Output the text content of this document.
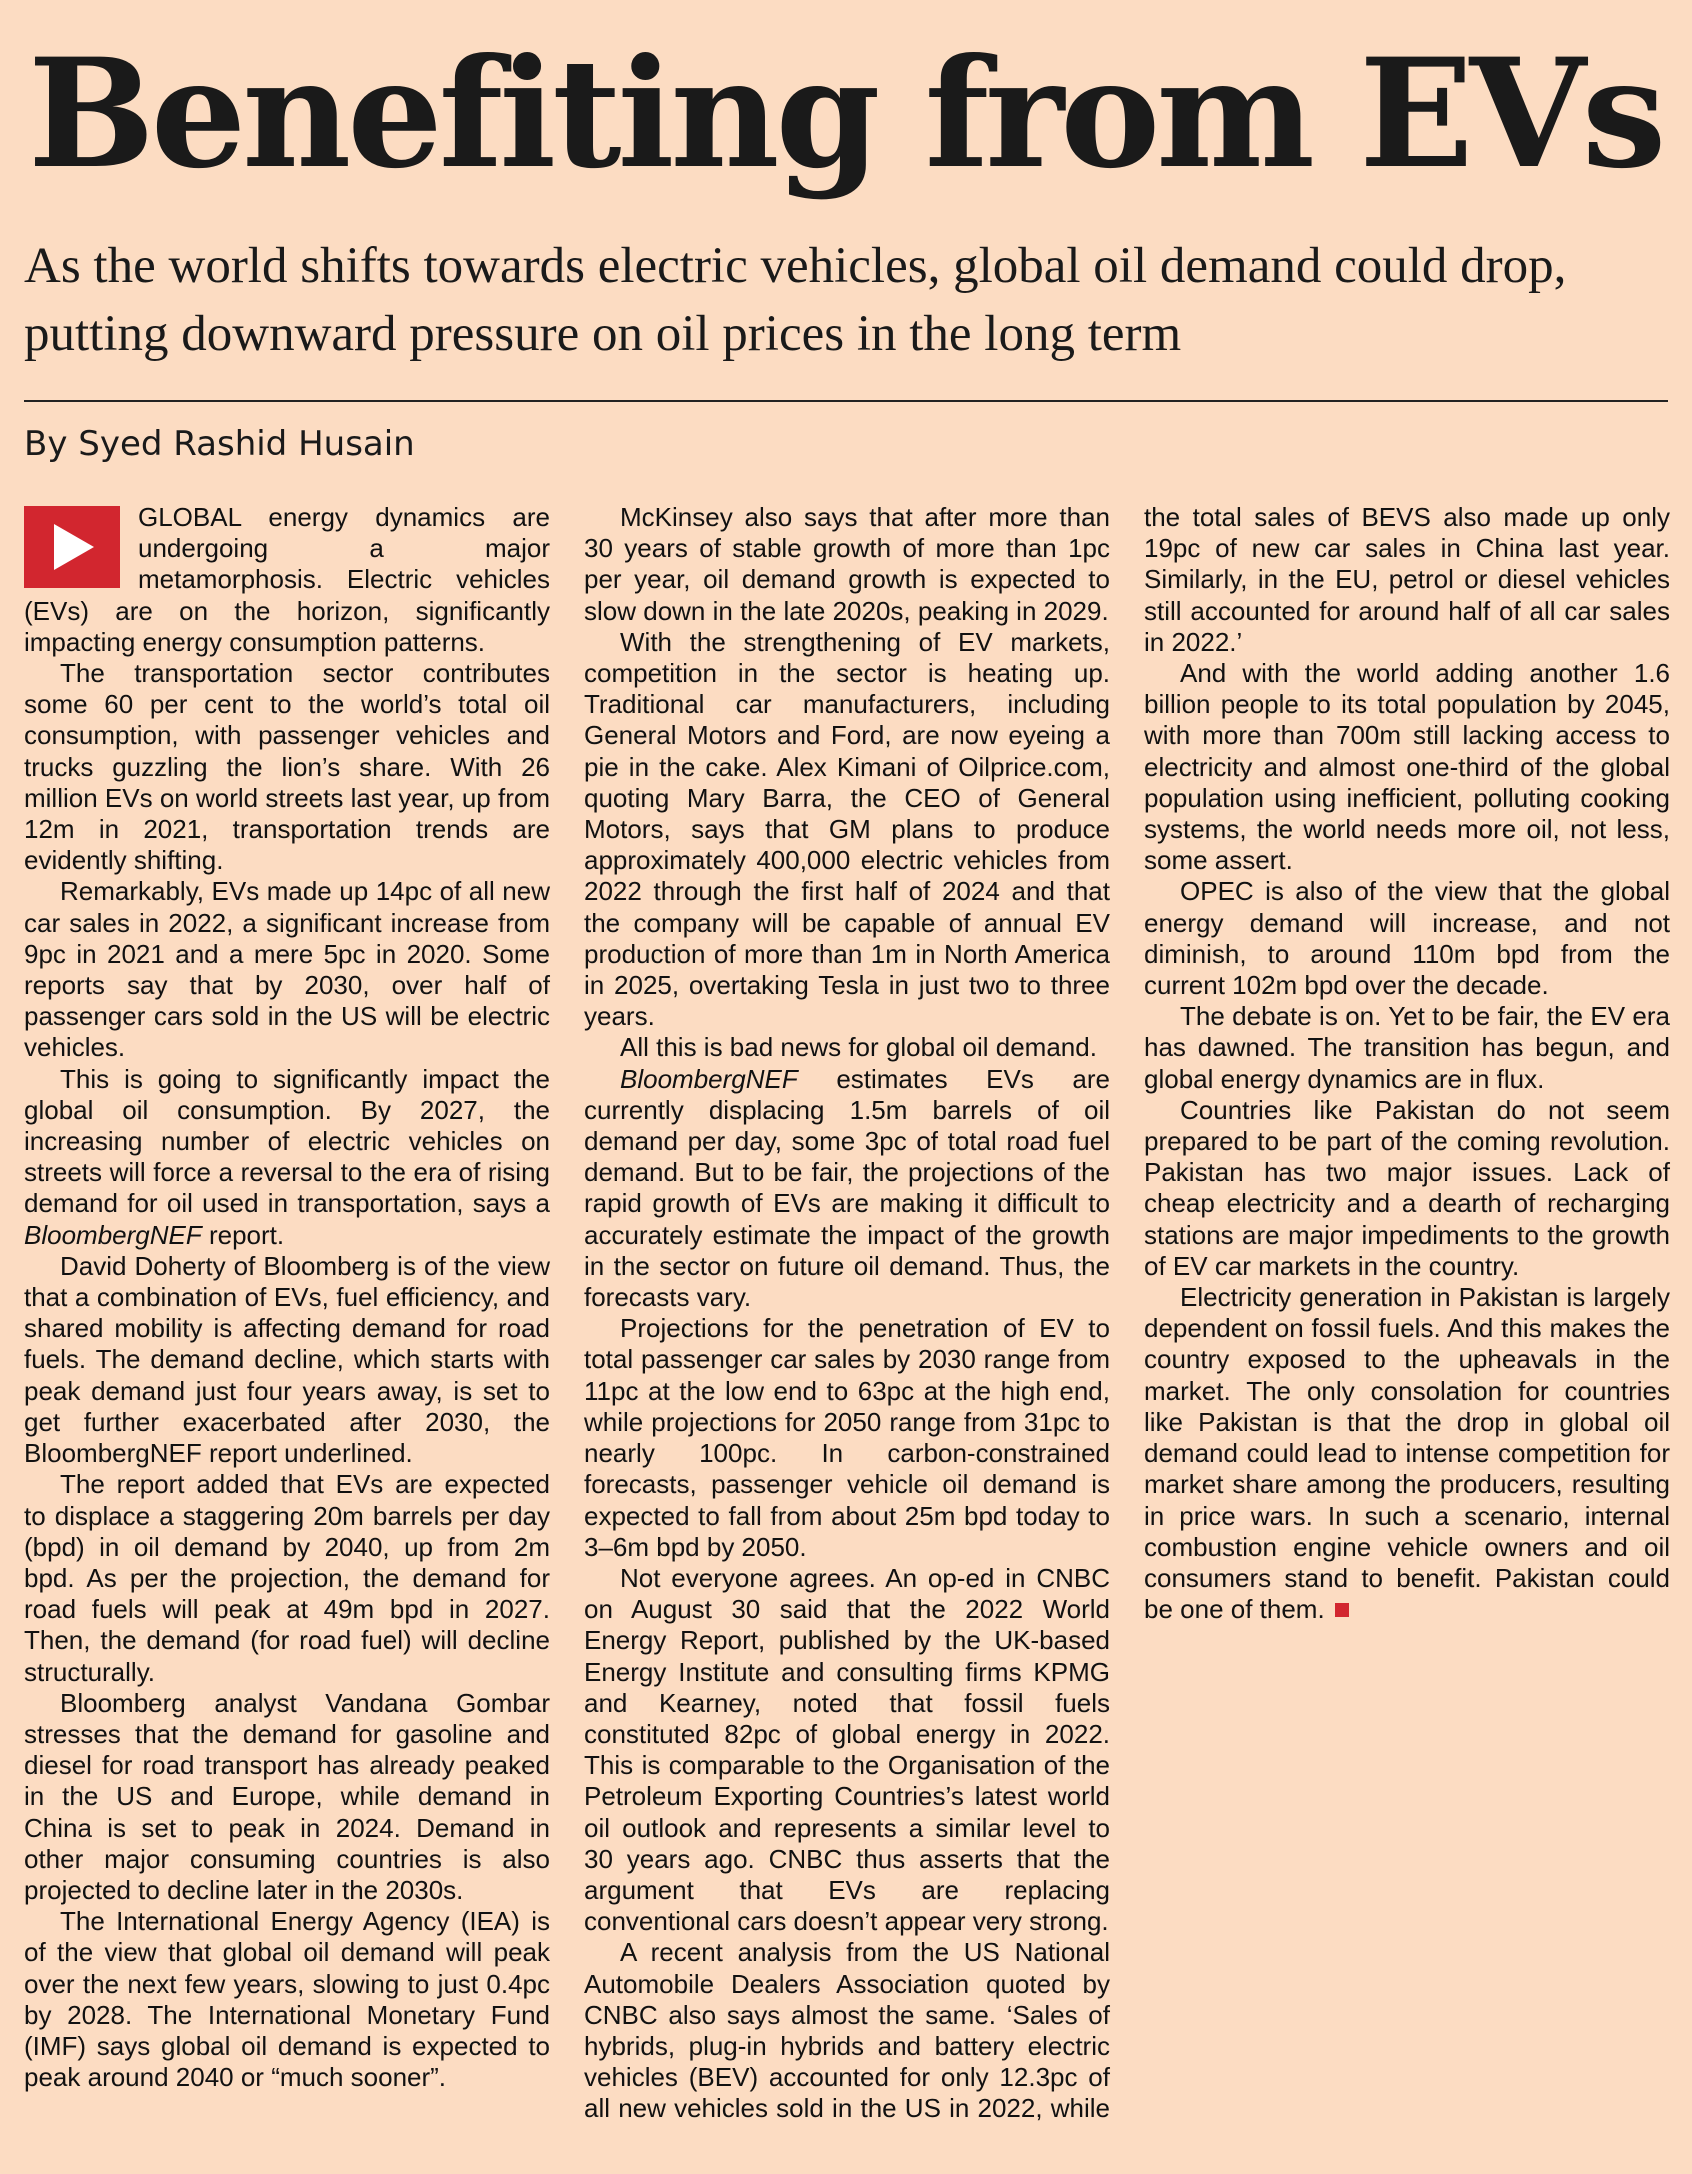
Benefiting from EVs

As the world shifts towards electric vehicles, global oil demand could drop, putting downward pressure on oil prices in the long term

By Syed Rashid Husain

GLOBAL energy dynamics are undergoing a major metamorphosis. Electric vehicles (EVs) are on the horizon, significantly impacting energy consumption patterns.

The transportation sector contributes some 60 per cent to the world’s total oil consumption, with passenger vehicles and trucks guzzling the lion’s share. With 26 million EVs on world streets last year, up from 12m in 2021, transportation trends are evidently shifting.

Remarkably, EVs made up 14pc of all new car sales in 2022, a significant increase from 9pc in 2021 and a mere 5pc in 2020. Some reports say that by 2030, over half of passenger cars sold in the US will be electric vehicles.

This is going to significantly impact the global oil consumption. By 2027, the increasing number of electric vehicles on streets will force a reversal to the era of rising demand for oil used in transportation, says a BloombergNEF report.

David Doherty of Bloomberg is of the view that a combination of EVs, fuel efficiency, and shared mobility is affecting demand for road fuels. The demand decline, which starts with peak demand just four years away, is set to get further exacerbated after 2030, the BloombergNEF report underlined.

The report added that EVs are expected to displace a staggering 20m barrels per day (bpd) in oil demand by 2040, up from 2m bpd. As per the projection, the demand for road fuels will peak at 49m bpd in 2027. Then, the demand (for road fuel) will decline structurally.

Bloomberg analyst Vandana Gombar stresses that the demand for gasoline and diesel for road transport has already peaked in the US and Europe, while demand in China is set to peak in 2024. Demand in other major consuming countries is also projected to decline later in the 2030s.

The International Energy Agency (IEA) is of the view that global oil demand will peak over the next few years, slowing to just 0.4pc by 2028. The International Monetary Fund (IMF) says global oil demand is expected to peak around 2040 or “much sooner”.

McKinsey also says that after more than 30 years of stable growth of more than 1pc per year, oil demand growth is expected to slow down in the late 2020s, peaking in 2029.

With the strengthening of EV markets, competition in the sector is heating up. Traditional car manufacturers, including General Motors and Ford, are now eyeing a pie in the cake. Alex Kimani of Oilprice.com, quoting Mary Barra, the CEO of General Motors, says that GM plans to produce approximately 400,000 electric vehicles from 2022 through the first half of 2024 and that the company will be capable of annual EV production of more than 1m in North America in 2025, overtaking Tesla in just two to three years.

All this is bad news for global oil demand.

BloombergNEF estimates EVs are currently displacing 1.5m barrels of oil demand per day, some 3pc of total road fuel demand. But to be fair, the projections of the rapid growth of EVs are making it difficult to accurately estimate the impact of the growth in the sector on future oil demand. Thus, the forecasts vary.

Projections for the penetration of EV to total passenger car sales by 2030 range from 11pc at the low end to 63pc at the high end, while projections for 2050 range from 31pc to nearly 100pc. In carbon-constrained forecasts, passenger vehicle oil demand is expected to fall from about 25m bpd today to 3–6m bpd by 2050.

Not everyone agrees. An op-ed in CNBC on August 30 said that the 2022 World Energy Report, published by the UK-based Energy Institute and consulting firms KPMG and Kearney, noted that fossil fuels constituted 82pc of global energy in 2022. This is comparable to the Organisation of the Petroleum Exporting Countries’s latest world oil outlook and represents a similar level to 30 years ago. CNBC thus asserts that the argument that EVs are replacing conventional cars doesn’t appear very strong.

A recent analysis from the US National Automobile Dealers Association quoted by CNBC also says almost the same. ‘Sales of hybrids, plug-in hybrids and battery electric vehicles (BEV) accounted for only 12.3pc of all new vehicles sold in the US in 2022, while the total sales of BEVS also made up only 19pc of new car sales in China last year. Similarly, in the EU, petrol or diesel vehicles still accounted for around half of all car sales in 2022.’

And with the world adding another 1.6 billion people to its total population by 2045, with more than 700m still lacking access to electricity and almost one-third of the global population using inefficient, polluting cooking systems, the world needs more oil, not less, some assert.

OPEC is also of the view that the global energy demand will increase, and not diminish, to around 110m bpd from the current 102m bpd over the decade.

The debate is on. Yet to be fair, the EV era has dawned. The transition has begun, and global energy dynamics are in flux.

Countries like Pakistan do not seem prepared to be part of the coming revolution. Pakistan has two major issues. Lack of cheap electricity and a dearth of recharging stations are major impediments to the growth of EV car markets in the country.

Electricity generation in Pakistan is largely dependent on fossil fuels. And this makes the country exposed to the upheavals in the market. The only consolation for countries like Pakistan is that the drop in global oil demand could lead to intense competition for market share among the producers, resulting in price wars. In such a scenario, internal combustion engine vehicle owners and oil consumers stand to benefit. Pakistan could be one of them.
